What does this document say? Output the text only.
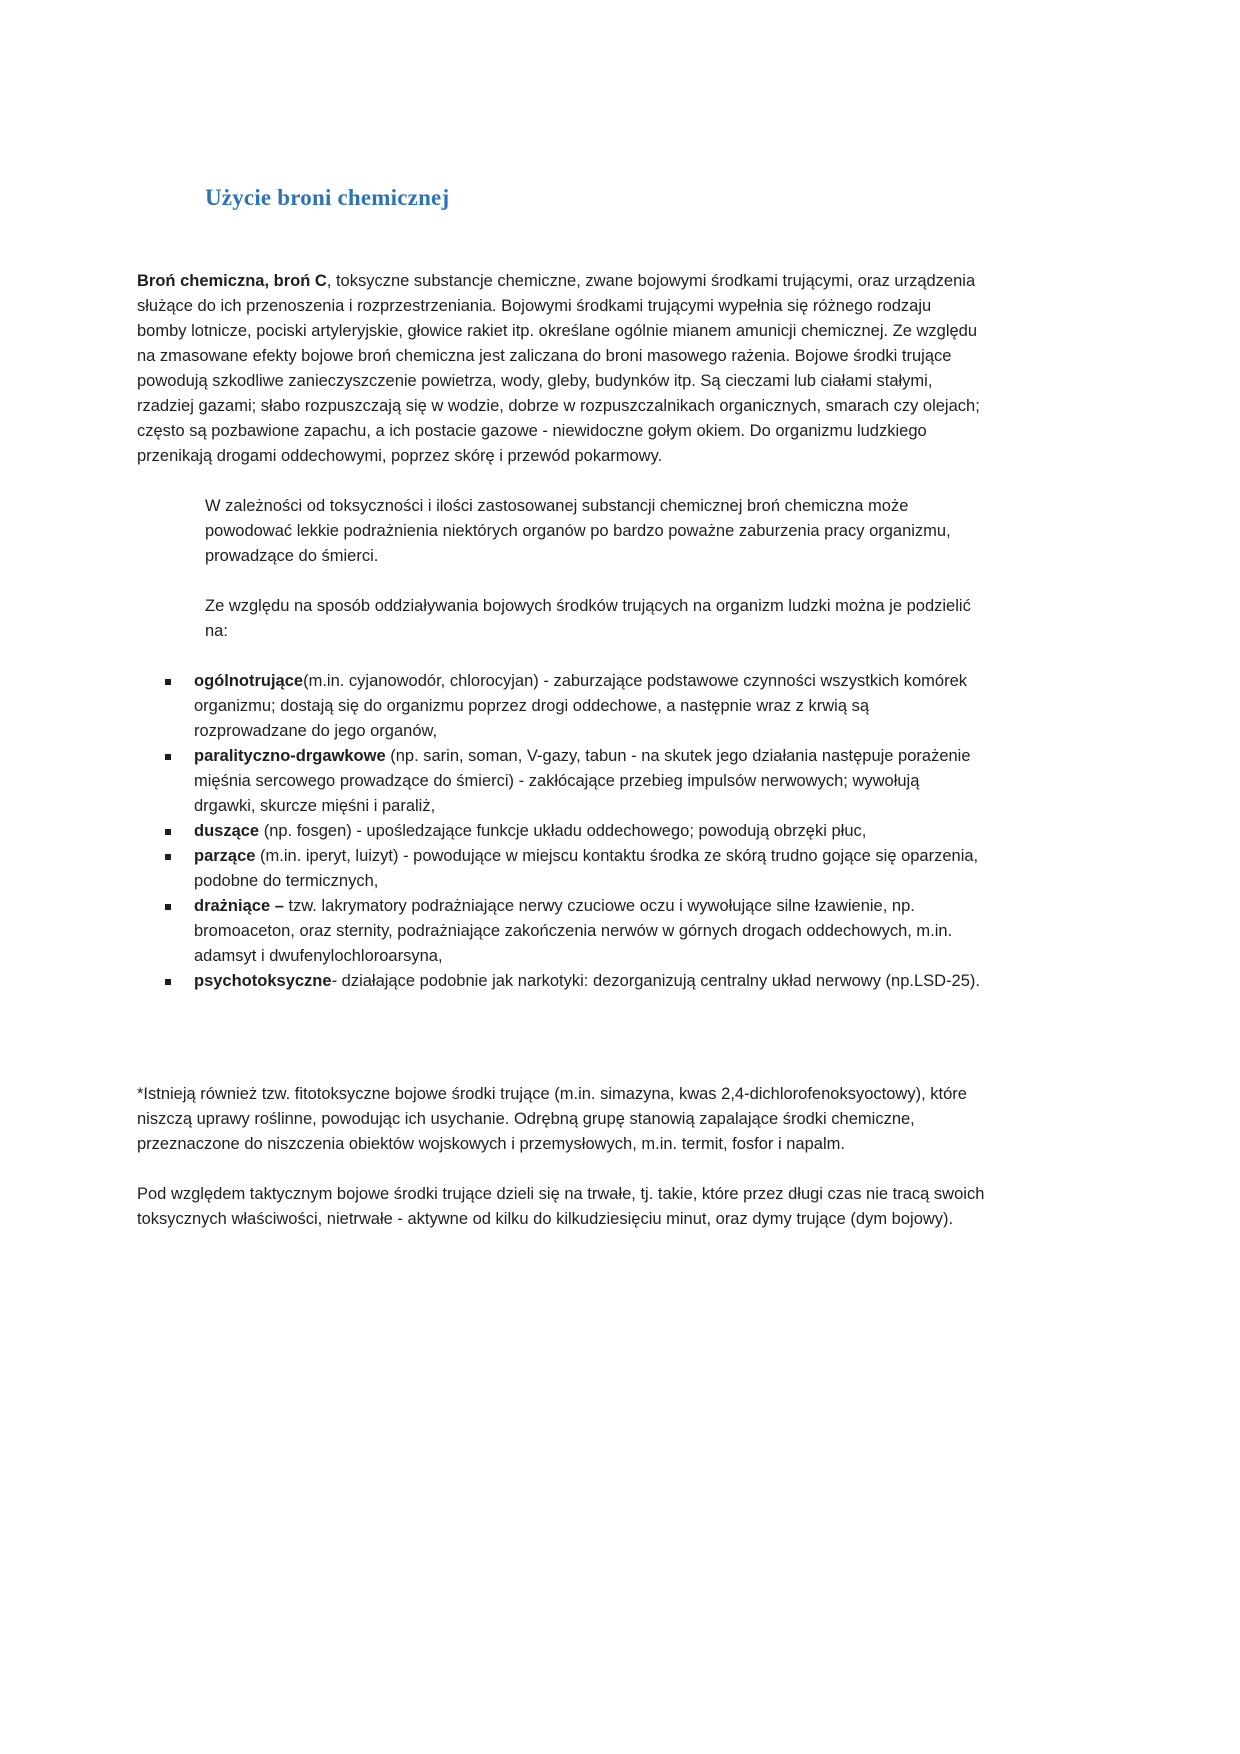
Użycie broni chemicznej

Broń chemiczna, broń C, toksyczne substancje chemiczne, zwane bojowymi środkami trującymi, oraz urządzenia służące do ich przenoszenia i rozprzestrzeniania. Bojowymi środkami trującymi wypełnia się różnego rodzaju bomby lotnicze, pociski artyleryjskie, głowice rakiet itp. określane ogólnie mianem amunicji chemicznej. Ze względu na zmasowane efekty bojowe broń chemiczna jest zaliczana do broni masowego rażenia. Bojowe środki trujące powodują szkodliwe zanieczyszczenie powietrza, wody, gleby, budynków itp. Są cieczami lub ciałami stałymi, rzadziej gazami; słabo rozpuszczają się w wodzie, dobrze w rozpuszczalnikach organicznych, smarach czy olejach; często są pozbawione zapachu, a ich postacie gazowe - niewidoczne gołym okiem. Do organizmu ludzkiego przenikają drogami oddechowymi, poprzez skórę i przewód pokarmowy.

W zależności od toksyczności i ilości zastosowanej substancji chemicznej broń chemiczna może powodować lekkie podrażnienia niektórych organów po bardzo poważne zaburzenia pracy organizmu, prowadzące do śmierci.

Ze względu na sposób oddziaływania bojowych środków trujących na organizm ludzki można je podzielić na:

ogólnotrujące(m.in. cyjanowodór, chlorocyjan) - zaburzające podstawowe czynności wszystkich komórek organizmu; dostają się do organizmu poprzez drogi oddechowe, a następnie wraz z krwią są rozprowadzane do jego organów,
paralityczno-drgawkowe (np. sarin, soman, V-gazy, tabun - na skutek jego działania następuje porażenie mięśnia sercowego prowadzące do śmierci) - zakłócające przebieg impulsów nerwowych; wywołują drgawki, skurcze mięśni i paraliż,
duszące (np. fosgen) - upośledzające funkcje układu oddechowego; powodują obrzęki płuc,
parzące (m.in. iperyt, luizyt) - powodujące w miejscu kontaktu środka ze skórą trudno gojące się oparzenia, podobne do termicznych,
drażniące – tzw. lakrymatory podrażniające nerwy czuciowe oczu i wywołujące silne łzawienie, np. bromoaceton, oraz sternity, podrażniające zakończenia nerwów w górnych drogach oddechowych, m.in. adamsyt i dwufenylochloroarsyna,
psychotoksyczne- działające podobnie jak narkotyki: dezorganizują centralny układ nerwowy (np.LSD-25).

*Istnieją również tzw. fitotoksyczne bojowe środki trujące (m.in. simazyna, kwas 2,4-dichlorofenoksyoctowy), które niszczą uprawy roślinne, powodując ich usychanie. Odrębną grupę stanowią zapalające środki chemiczne, przeznaczone do niszczenia obiektów wojskowych i przemysłowych, m.in. termit, fosfor i napalm.

Pod względem taktycznym bojowe środki trujące dzieli się na trwałe, tj. takie, które przez długi czas nie tracą swoich toksycznych właściwości, nietrwałe - aktywne od kilku do kilkudziesięciu minut, oraz dymy trujące (dym bojowy).
